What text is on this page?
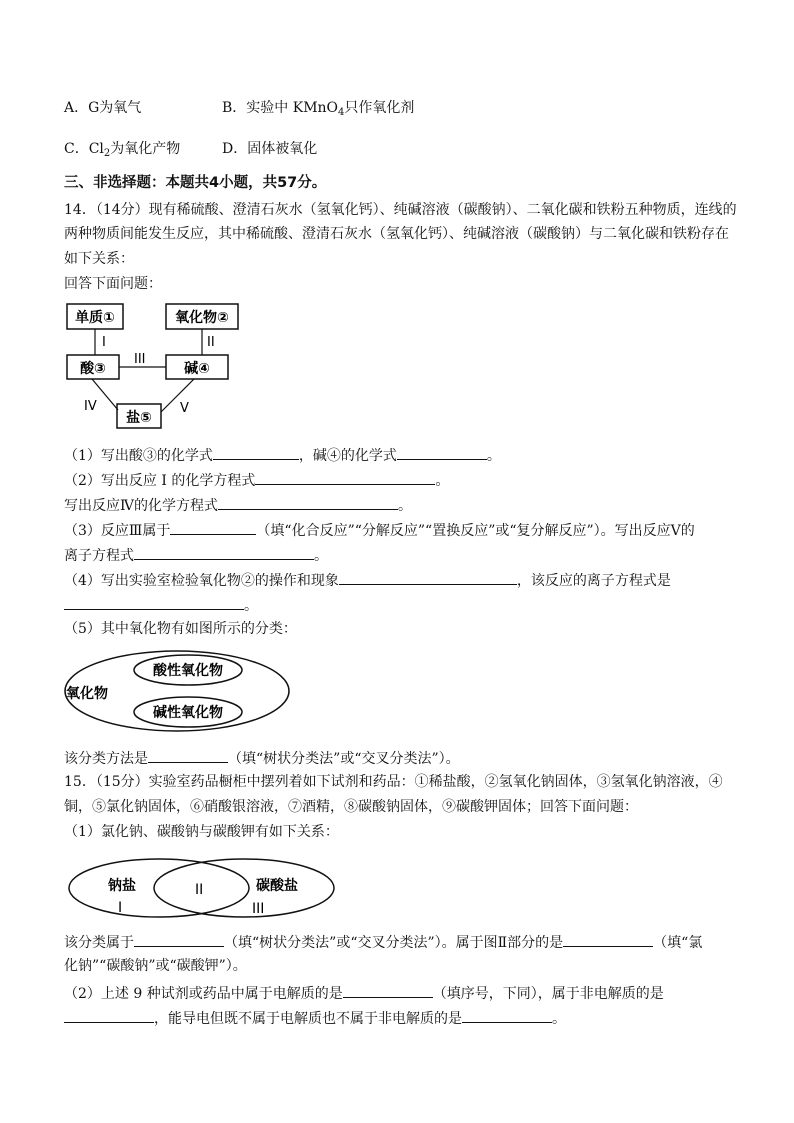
A．G为氧气	B．实验中 KMnO$_4$只作氧化剂
C．$Cl_2$为氧化产物	D．固体被氧化
三、非选择题：本题共4小题，共57分。
14．（14分）现有稀硫酸、澄清石灰水（氢氧化钙）、纯碱溶液（碳酸钠）、二氧化碳和铁粉五种物质，连线的
两种物质间能发生反应，其中稀硫酸、澄清石灰水（氢氧化钙）、纯碱溶液（碳酸钠）与二氧化碳和铁粉存在
如下关系：
回答下面问题：
单质①	氧化物②
酸③	碱④
盐⑤
I	II
III
IV	V
（1）写出酸③的化学式	，碱④的化学式	。
（2）写出反应 I 的化学方程式	。
写出反应Ⅳ的化学方程式	。
（3）反应Ⅲ属于	（填“化合反应”“分解反应”“置换反应”或“复分解反应”）。写出反应Ⅴ的
离子方程式	。
（4）写出实验室检验氧化物②的操作和现象	，该反应的离子方程式是
。
（5）其中氧化物有如图所示的分类：
氧化物
酸性氧化物
碱性氧化物
该分类方法是	（填“树状分类法”或“交叉分类法”）。
15．（15分）实验室药品橱柜中摆列着如下试剂和药品：①稀盐酸，②氢氧化钠固体，③氢氧化钠溶液，④
铜，⑤氯化钠固体，⑥硝酸银溶液，⑦酒精，⑧碳酸钠固体，⑨碳酸钾固体；回答下面问题：
（1）氯化钠、碳酸钠与碳酸钾有如下关系：
钠盐	碳酸盐
II
I	III
该分类属于	（填“树状分类法”或“交叉分类法”）。属于图Ⅱ部分的是	（填“氯
化钠”“碳酸钠”或“碳酸钾”）。
（2）上述 9 种试剂或药品中属于电解质的是	（填序号，下同），属于非电解质的是
，能导电但既不属于电解质也不属于非电解质的是	。
